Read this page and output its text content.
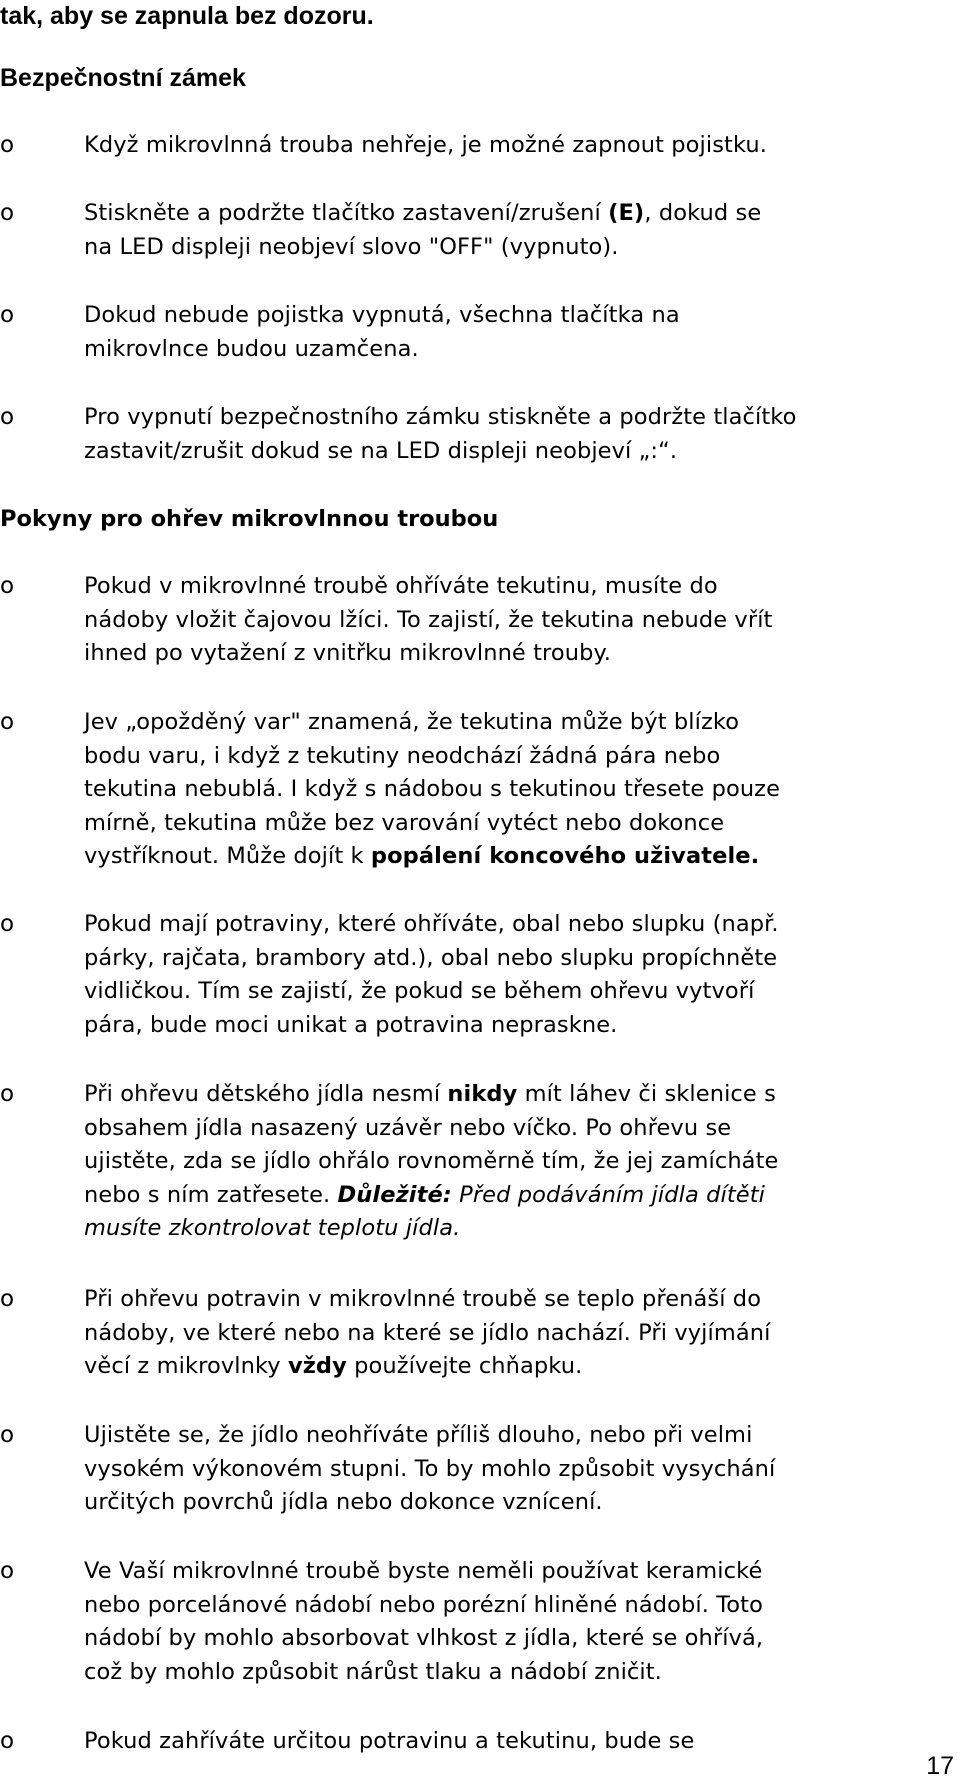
tak, aby se zapnula bez dozoru.
Bezpečnostní zámek
o	Když mikrovlnná trouba nehřeje, je možné zapnout pojistku.
o	Stiskněte a podržte tlačítko zastavení/zrušení (E), dokud se
na LED displeji neobjeví slovo "OFF" (vypnuto).
o	Dokud nebude pojistka vypnutá, všechna tlačítka na
mikrovlnce budou uzamčena.
o	Pro vypnutí bezpečnostního zámku stiskněte a podržte tlačítko
zastavit/zrušit dokud se na LED displeji neobjeví „:“.
Pokyny pro ohřev mikrovlnnou troubou
o	Pokud v mikrovlnné troubě ohříváte tekutinu, musíte do
nádoby vložit čajovou lžíci. To zajistí, že tekutina nebude vřít
ihned po vytažení z vnitřku mikrovlnné trouby.
o	Jev „opožděný var" znamená, že tekutina může být blízko
bodu varu, i když z tekutiny neodchází žádná pára nebo
tekutina nebublá. I když s nádobou s tekutinou třesete pouze
mírně, tekutina může bez varování vytéct nebo dokonce
vystříknout. Může dojít k popálení koncového uživatele.
o	Pokud mají potraviny, které ohříváte, obal nebo slupku (např.
párky, rajčata, brambory atd.), obal nebo slupku propíchněte
vidličkou. Tím se zajistí, že pokud se během ohřevu vytvoří
pára, bude moci unikat a potravina nepraskne.
o	Při ohřevu dětského jídla nesmí nikdy mít láhev či sklenice s
obsahem jídla nasazený uzávěr nebo víčko. Po ohřevu se
ujistěte, zda se jídlo ohřálo rovnoměrně tím, že jej zamícháte
nebo s ním zatřesete. Důležité: Před podáváním jídla dítěti
musíte zkontrolovat teplotu jídla.
o	Při ohřevu potravin v mikrovlnné troubě se teplo přenáší do
nádoby, ve které nebo na které se jídlo nachází. Při vyjímání
věcí z mikrovlnky vždy používejte chňapku.
o	Ujistěte se, že jídlo neohříváte příliš dlouho, nebo při velmi
vysokém výkonovém stupni. To by mohlo způsobit vysychání
určitých povrchů jídla nebo dokonce vznícení.
o	Ve Vaší mikrovlnné troubě byste neměli používat keramické
nebo porcelánové nádobí nebo porézní hliněné nádobí. Toto
nádobí by mohlo absorbovat vlhkost z jídla, které se ohřívá,
což by mohlo způsobit nárůst tlaku a nádobí zničit.
o	Pokud zahříváte určitou potravinu a tekutinu, bude se
17
